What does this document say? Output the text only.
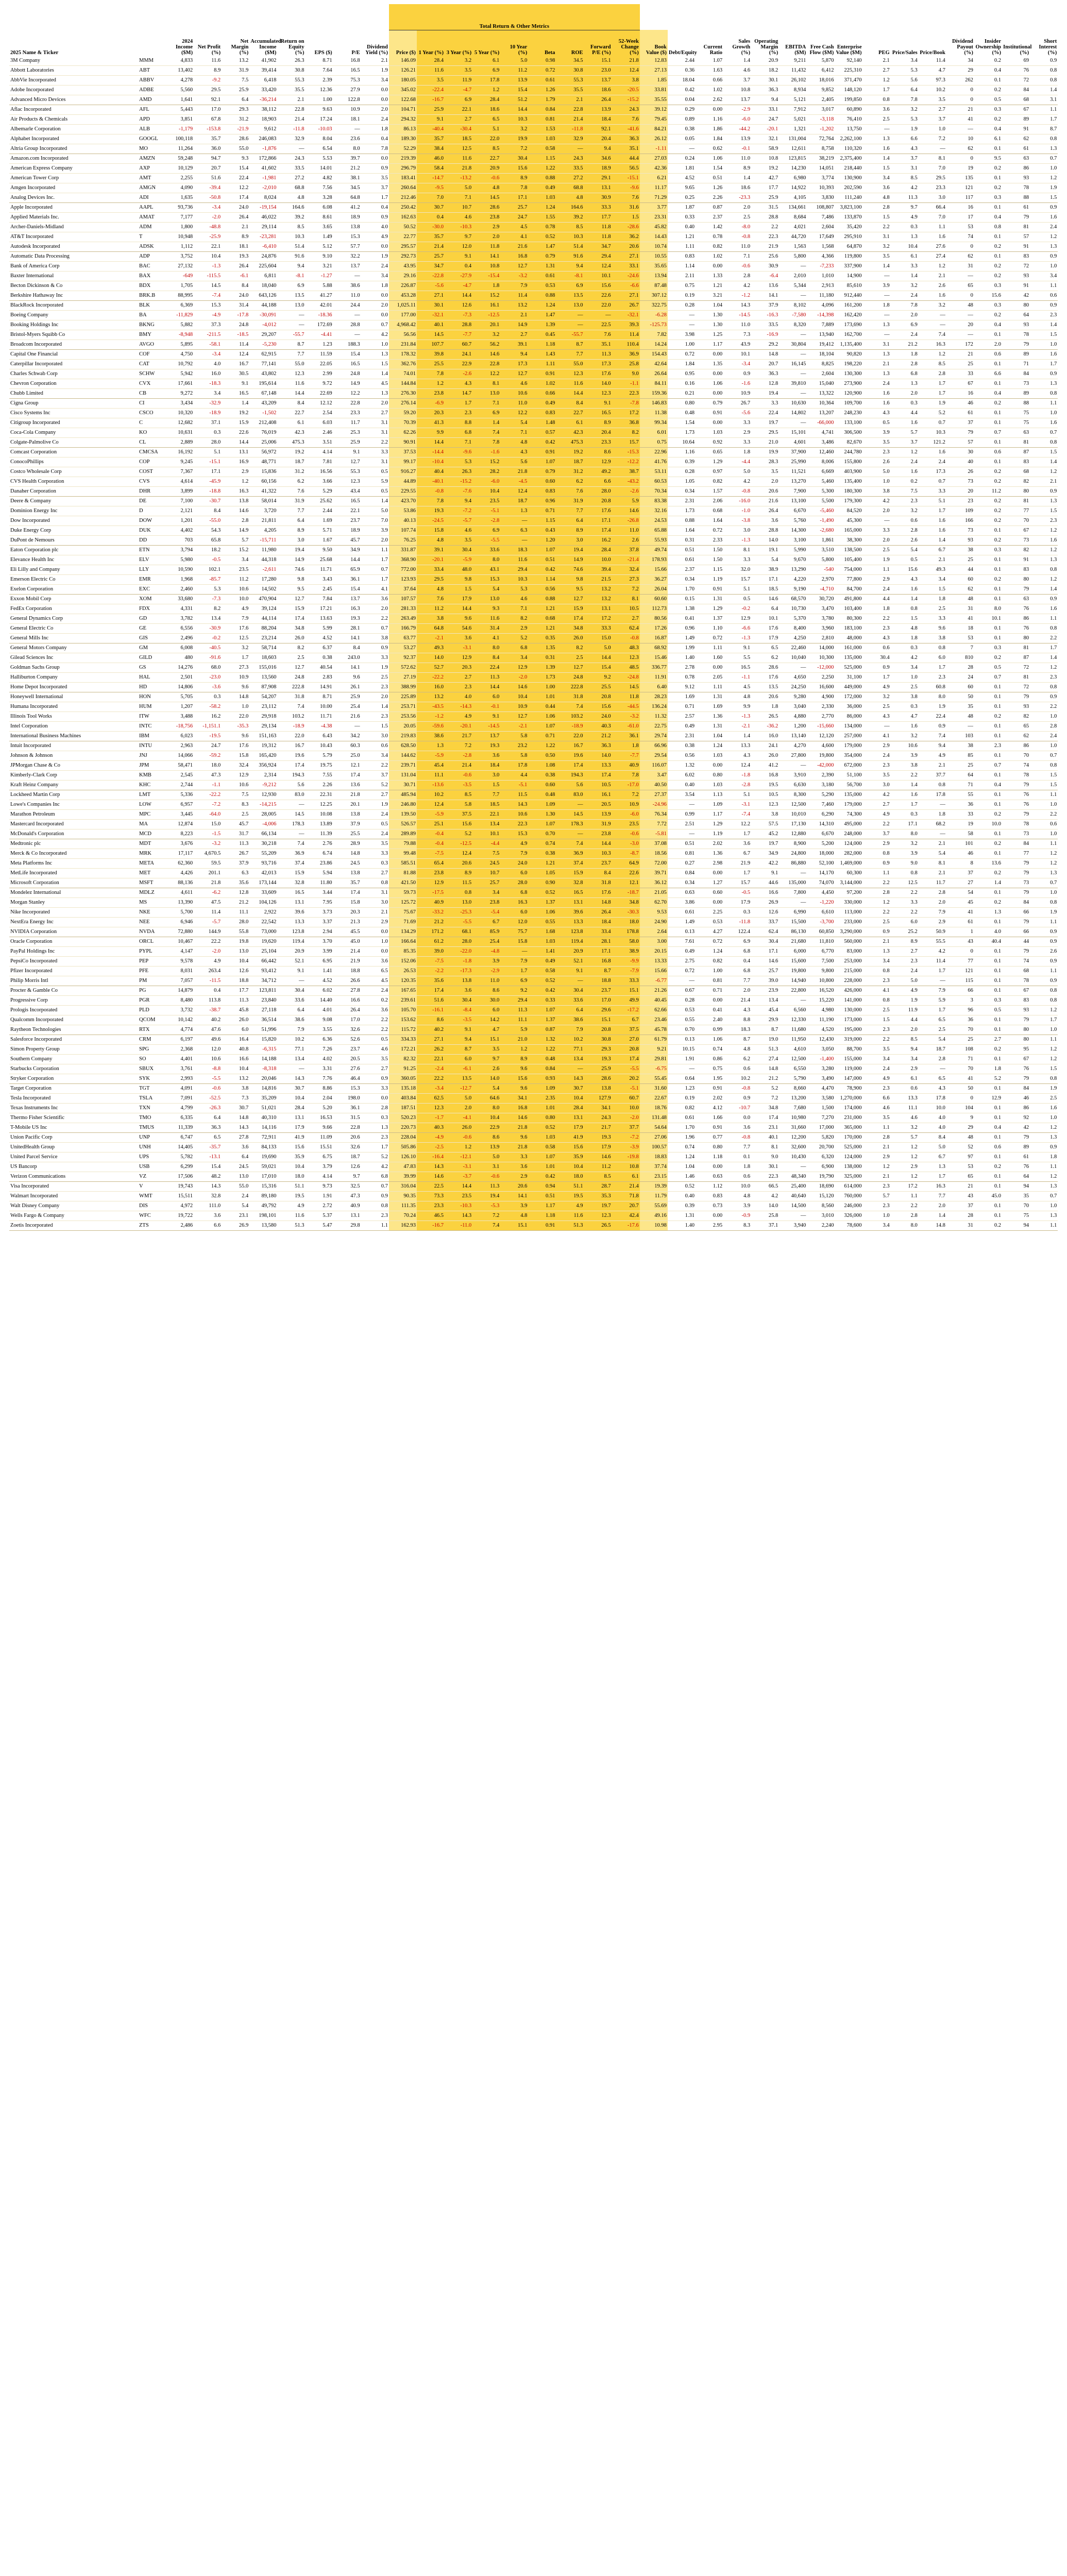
										Total Return & Other Metrics																							
2025 Name & Ticker		2024 Income ($M)	Net Profit (%)	Net Margin (%)	Accumulated Income ($M)	Return on Equity (%)	EPS ($)	P/E	Dividend Yield (%)	Price ($)	1 Year (%)	3 Year (%)	5 Year (%)	10 Year (%)	Beta	ROE	Forward P/E (%)	52-Week Change (%)	Book Value ($)	Debt/Equity	Current Ratio	Sales Growth (%)	Operating Margin (%)	EBITDA ($M)	Free Cash Flow ($M)	Enterprise Value ($M)	PEG	Price/Sales	Price/Book	Dividend Payout (%)	Insider Ownership (%)	Institutional (%)	Short Interest (%)
3M Company	MMM	4,833	11.6	13.2	41,902	26.3	8.71	16.8	2.1	146.09	28.4	3.2	6.1	5.0	0.98	34.5	15.1	21.8	12.83	2.44	1.07	1.4	20.9	9,211	5,870	92,140	2.1	3.4	11.4	34	0.2	69	0.9
Abbott Laboratories	ABT	13,402	8.9	31.9	39,414	30.8	7.64	16.5	1.9	126.21	11.6	3.5	6.9	11.2	0.72	30.8	23.0	12.4	27.13	0.36	1.63	4.6	18.2	11,432	6,412	225,310	2.7	5.3	4.7	29	0.4	76	0.8
AbbVie Incorporated	ABBV	4,278	-9.2	7.5	6,418	55.3	2.39	75.3	3.4	180.05	3.5	11.9	17.8	13.9	0.61	55.3	13.7	3.8	1.85	18.04	0.66	3.7	30.1	26,102	18,016	371,470	1.2	5.6	97.3	262	0.1	72	0.8
Adobe Incorporated	ADBE	5,560	29.5	25.9	33,420	35.5	12.36	27.9	0.0	345.02	-22.4	-4.7	1.2	15.4	1.26	35.5	18.6	-20.5	33.81	0.42	1.02	10.8	36.3	8,934	9,852	148,120	1.7	6.4	10.2	0	0.2	84	1.4
Advanced Micro Devices	AMD	1,641	92.1	6.4	-36,214	2.1	1.00	122.8	0.0	122.68	-16.7	6.9	28.4	51.2	1.79	2.1	26.4	-15.2	35.55	0.04	2.62	13.7	9.4	5,121	2,405	199,850	0.8	7.8	3.5	0	0.5	68	3.1
Aflac Incorporated	AFL	5,443	17.0	29.3	38,112	22.8	9.63	10.9	2.0	104.71	25.9	22.1	18.6	14.4	0.84	22.8	13.9	24.3	39.12	0.29	0.00	-2.9	33.1	7,912	3,017	60,890	3.6	3.2	2.7	21	0.3	67	1.1
Air Products & Chemicals	APD	3,851	67.8	31.2	18,903	21.4	17.24	18.1	2.4	294.32	9.1	2.7	6.5	10.3	0.81	21.4	18.4	7.6	79.45	0.89	1.16	-6.0	24.7	5,021	-3,118	76,410	2.5	5.3	3.7	41	0.2	89	1.7
Albemarle Corporation	ALB	-1,179	-153.8	-21.9	9,612	-11.8	-10.03	—	1.8	86.13	-40.4	-30.4	5.1	3.2	1.53	-11.8	92.1	-41.6	84.21	0.38	1.86	-44.2	-20.1	1,321	-1,202	13,750	—	1.9	1.0	—	0.4	91	8.7
Alphabet Incorporated	GOOGL	100,118	35.7	28.6	246,083	32.9	8.04	23.6	0.4	189.30	35.7	18.5	22.0	19.9	1.03	32.9	20.4	36.3	26.12	0.05	1.84	13.9	32.1	131,004	72,764	2,262,100	1.3	6.6	7.2	10	6.1	62	0.8
Altria Group Incorporated	MO	11,264	36.0	55.0	-1,876	—	6.54	8.0	7.8	52.29	38.4	12.5	8.5	7.2	0.58	—	9.4	35.1	-1.11	—	0.62	-0.1	58.9	12,611	8,758	110,320	1.6	4.3	—	62	0.1	61	1.3
Amazon.com Incorporated	AMZN	59,248	94.7	9.3	172,866	24.3	5.53	39.7	0.0	219.39	46.0	11.6	22.7	30.4	1.15	24.3	34.6	44.4	27.03	0.24	1.06	11.0	10.8	123,815	38,219	2,375,400	1.4	3.7	8.1	0	9.5	63	0.7
American Express Company	AXP	10,129	20.7	15.4	41,602	33.5	14.01	21.2	0.9	296.79	58.4	21.8	20.9	15.6	1.22	33.5	18.9	56.5	42.36	1.81	1.54	8.9	19.2	14,230	14,051	218,440	1.5	3.1	7.0	19	0.2	86	1.0
American Tower Corp	AMT	2,255	51.6	22.4	-1,981	27.2	4.82	38.1	3.5	183.41	-14.7	-13.2	-0.6	8.9	0.88	27.2	29.1	-15.1	6.21	4.52	0.51	1.4	42.7	6,980	3,774	130,900	3.4	8.5	29.5	135	0.1	93	1.2
Amgen Incorporated	AMGN	4,090	-39.4	12.2	-2,010	68.8	7.56	34.5	3.7	260.64	-9.5	5.0	4.8	7.8	0.49	68.8	13.1	-9.6	11.17	9.65	1.26	18.6	17.7	14,922	10,393	202,590	3.6	4.2	23.3	121	0.2	78	1.9
Analog Devices Inc.	ADI	1,635	-50.8	17.4	8,024	4.8	3.28	64.8	1.7	212.46	7.0	7.1	14.5	17.1	1.03	4.8	30.9	7.6	71.29	0.25	2.26	-23.3	25.9	4,105	3,830	111,240	4.8	11.3	3.0	117	0.3	88	1.5
Apple Incorporated	AAPL	93,736	-3.4	24.0	-19,154	164.6	6.08	41.2	0.4	250.42	30.7	10.7	28.6	25.7	1.24	164.6	33.3	31.6	3.77	1.87	0.87	2.0	31.5	134,661	108,807	3,823,100	2.8	9.7	66.4	16	0.1	61	0.9
Applied Materials Inc.	AMAT	7,177	-2.0	26.4	46,022	39.2	8.61	18.9	0.9	162.63	0.4	4.6	23.8	24.7	1.55	39.2	17.7	1.5	23.31	0.33	2.37	2.5	28.8	8,684	7,486	133,870	1.5	4.9	7.0	17	0.4	79	1.6
Archer-Daniels-Midland	ADM	1,800	-48.8	2.1	29,114	8.5	3.65	13.8	4.0	50.52	-30.0	-10.3	2.9	4.5	0.78	8.5	11.8	-28.6	45.82	0.40	1.42	-8.0	2.2	4,021	2,604	35,420	2.2	0.3	1.1	53	0.8	81	2.4
AT&T Incorporated	T	10,948	-25.9	8.9	-23,281	10.3	1.49	15.3	4.9	22.77	35.7	9.7	2.0	4.1	0.52	10.3	11.8	36.2	14.43	1.21	0.78	-0.8	22.3	44,720	17,649	295,910	3.1	1.3	1.6	74	0.1	57	1.2
Autodesk Incorporated	ADSK	1,112	22.1	18.1	-6,410	51.4	5.12	57.7	0.0	295.57	21.4	12.0	11.8	21.6	1.47	51.4	34.7	20.6	10.74	1.11	0.82	11.0	21.9	1,563	1,568	64,870	3.2	10.4	27.6	0	0.2	91	1.3
Automatic Data Processing	ADP	3,752	10.4	19.3	24,876	91.6	9.10	32.2	1.9	292.73	25.7	9.1	14.1	16.8	0.79	91.6	29.4	27.1	10.55	0.83	1.02	7.1	25.6	5,800	4,366	119,800	3.5	6.1	27.4	62	0.1	83	0.9
Bank of America Corp	BAC	27,132	-1.3	26.4	225,604	9.4	3.21	13.7	2.4	43.95	34.7	0.4	10.8	12.7	1.31	9.4	12.4	33.1	35.65	1.14	0.00	-0.6	30.9	—	-7,233	337,900	1.4	3.3	1.2	31	0.2	72	1.0
Baxter International	BAX	-649	-115.5	-6.1	6,811	-8.1	-1.27	—	3.4	29.16	-22.8	-27.9	-15.4	-3.2	0.61	-8.1	10.1	-24.6	13.94	2.11	1.33	2.8	-6.4	2,010	1,010	14,900	—	1.4	2.1	—	0.2	93	3.4
Becton Dickinson & Co	BDX	1,705	14.5	8.4	18,040	6.9	5.88	38.6	1.8	226.87	-5.6	-4.7	1.8	7.9	0.53	6.9	15.6	-6.6	87.48	0.75	1.21	4.2	13.6	5,344	2,913	85,610	3.9	3.2	2.6	65	0.3	91	1.1
Berkshire Hathaway Inc	BRK.B	88,995	-7.4	24.0	643,126	13.5	41.27	11.0	0.0	453.28	27.1	14.4	15.2	11.4	0.88	13.5	22.6	27.1	307.12	0.19	3.21	-1.2	14.1	—	11,180	912,440	—	2.4	1.6	0	15.6	42	0.6
BlackRock Incorporated	BLK	6,369	15.3	31.4	44,188	13.0	42.01	24.4	2.0	1,025.11	30.1	12.6	16.1	13.2	1.24	13.0	22.0	26.7	322.75	0.28	1.04	14.3	37.9	8,102	4,096	161,200	1.8	7.8	3.2	48	0.3	80	0.9
Boeing Company	BA	-11,829	-4.9	-17.8	-30,091	—	-18.36	—	0.0	177.00	-32.1	-7.3	-12.5	2.1	1.47	—	—	-32.1	-6.28	—	1.30	-14.5	-16.3	-7,580	-14,398	162,420	—	2.0	—	—	0.2	64	2.3
Booking Holdings Inc	BKNG	5,882	37.3	24.8	-4,012	—	172.69	28.8	0.7	4,968.42	40.1	28.8	20.1	14.9	1.39	—	22.5	39.3	-125.73	—	1.30	11.0	33.5	8,320	7,889	173,690	1.3	6.9	—	20	0.4	93	1.4
Bristol-Myers Squibb Co	BMY	-8,948	-211.5	-18.5	29,207	-55.7	-4.41	—	4.2	56.56	14.5	-7.7	3.2	2.7	0.45	-55.7	7.6	11.4	7.82	3.98	1.25	7.3	-16.9	—	13,940	162,700	—	2.4	7.4	—	0.1	78	1.5
Broadcom Incorporated	AVGO	5,895	-58.1	11.4	-5,230	8.7	1.23	188.3	1.0	231.84	107.7	60.7	56.2	39.1	1.18	8.7	35.1	110.4	14.24	1.00	1.17	43.9	29.2	30,804	19,412	1,135,400	3.1	21.2	16.3	172	2.0	79	1.0
Capital One Financial	COF	4,750	-3.4	12.4	62,915	7.7	11.59	15.4	1.3	178.32	39.8	24.1	14.6	9.4	1.43	7.7	11.3	36.9	154.43	0.72	0.00	10.1	14.8	—	18,104	90,820	1.3	1.8	1.2	21	0.6	89	1.6
Caterpillar Incorporated	CAT	10,792	4.0	16.7	77,141	55.0	22.05	16.5	1.5	362.76	25.5	22.9	22.8	17.3	1.11	55.0	17.3	25.8	42.64	1.84	1.35	-3.4	20.7	16,145	8,825	198,220	2.1	2.8	8.5	25	0.1	71	1.7
Charles Schwab Corp	SCHW	5,942	16.0	30.5	43,802	12.3	2.99	24.8	1.4	74.01	7.8	-2.6	12.2	12.7	0.91	12.3	17.6	9.0	26.64	0.95	0.00	0.9	36.3	—	2,604	130,300	1.3	6.8	2.8	33	6.6	84	0.9
Chevron Corporation	CVX	17,661	-18.3	9.1	195,614	11.6	9.72	14.9	4.5	144.84	1.2	4.3	8.1	4.6	1.02	11.6	14.0	-1.1	84.11	0.16	1.06	-1.6	12.8	39,810	15,040	273,900	2.4	1.3	1.7	67	0.1	73	1.3
Chubb Limited	CB	9,272	3.4	16.5	67,148	14.4	22.69	12.2	1.3	276.30	23.8	14.7	13.0	10.6	0.66	14.4	12.3	22.3	159.36	0.21	0.00	10.9	19.4	—	13,322	120,900	1.6	2.0	1.7	16	0.4	89	0.8
Cigna Group	CI	3,434	-32.9	1.4	43,209	8.4	12.12	22.8	2.0	276.14	-6.9	1.7	7.1	11.0	0.49	8.4	9.1	-7.8	146.83	0.80	0.79	26.7	3.3	10,630	10,364	109,700	1.6	0.3	1.9	46	0.2	88	1.1
Cisco Systems Inc	CSCO	10,320	-18.9	19.2	-1,502	22.7	2.54	23.3	2.7	59.20	20.3	2.3	6.9	12.2	0.83	22.7	16.5	17.2	11.38	0.48	0.91	-5.6	22.4	14,802	13,207	248,230	4.3	4.4	5.2	61	0.1	75	1.0
Citigroup Incorporated	C	12,682	37.1	15.9	212,408	6.1	6.03	11.7	3.1	70.39	41.3	8.8	1.4	5.4	1.48	6.1	8.9	36.8	99.34	1.54	0.00	3.3	19.7	—	-66,000	133,100	0.5	1.6	0.7	37	0.1	75	1.6
Coca-Cola Company	KO	10,631	0.3	22.6	76,019	42.3	2.46	25.3	3.1	62.26	9.9	6.8	7.4	7.1	0.57	42.3	20.4	8.2	6.01	1.73	1.03	2.9	29.5	15,101	4,741	306,500	3.9	5.7	10.3	79	0.7	63	0.7
Colgate-Palmolive Co	CL	2,889	28.0	14.4	25,006	475.3	3.51	25.9	2.2	90.91	14.4	7.1	7.8	4.8	0.42	475.3	23.3	15.7	0.75	10.64	0.92	3.3	21.0	4,601	3,486	82,670	3.5	3.7	121.2	57	0.1	81	0.8
Comcast Corporation	CMCSA	16,192	5.1	13.1	56,972	19.2	4.14	9.1	3.3	37.53	-14.4	-9.6	-1.6	4.3	0.91	19.2	8.6	-15.3	22.96	1.16	0.65	1.8	19.9	37,900	12,460	244,780	2.3	1.2	1.6	30	0.6	87	1.5
ConocoPhillips	COP	9,245	-15.1	16.9	48,771	18.7	7.81	12.7	3.1	99.17	-10.4	5.3	15.2	5.6	1.07	18.7	12.9	-12.2	41.76	0.39	1.29	-4.4	28.3	25,990	8,006	155,800	2.6	2.4	2.4	40	0.1	83	1.4
Costco Wholesale Corp	COST	7,367	17.1	2.9	15,836	31.2	16.56	55.3	0.5	916.27	40.4	26.3	28.2	21.8	0.79	31.2	49.2	38.7	53.11	0.28	0.97	5.0	3.5	11,521	6,669	403,900	5.0	1.6	17.3	26	0.2	68	1.2
CVS Health Corporation	CVS	4,614	-45.9	1.2	60,156	6.2	3.66	12.3	5.9	44.89	-40.1	-15.2	-6.0	-4.5	0.60	6.2	6.6	-43.2	60.53	1.05	0.82	4.2	2.0	13,270	5,460	135,400	1.0	0.2	0.7	73	0.2	82	2.1
Danaher Corporation	DHR	3,899	-18.8	16.3	41,322	7.6	5.29	43.4	0.5	229.55	-0.8	-7.6	10.4	12.4	0.83	7.6	28.0	-2.6	70.34	0.34	1.57	-0.8	20.6	7,900	5,300	180,300	3.8	7.5	3.3	20	11.2	80	0.9
Deere & Company	DE	7,100	-30.7	13.8	58,014	31.9	25.62	16.5	1.4	423.70	7.8	9.4	23.5	18.7	0.96	31.9	20.8	5.9	83.38	2.31	2.06	-16.0	21.6	13,100	5,500	179,300	4.2	2.3	5.1	23	0.2	81	1.3
Dominion Energy Inc	D	2,121	8.4	14.6	3,720	7.7	2.44	22.1	5.0	53.86	19.3	-7.2	-5.1	1.3	0.71	7.7	17.6	14.6	32.16	1.73	0.68	-1.0	26.4	6,670	-5,460	84,520	2.0	3.2	1.7	109	0.2	77	1.5
Dow Incorporated	DOW	1,201	-55.0	2.8	21,811	6.4	1.69	23.7	7.0	40.13	-24.5	-5.7	-2.8	—	1.15	6.4	17.1	-26.8	24.53	0.88	1.64	-3.8	3.6	5,760	-1,490	45,300	—	0.6	1.6	166	0.2	70	2.3
Duke Energy Corp	DUK	4,402	54.3	14.9	4,205	8.9	5.71	18.9	3.9	107.74	15.8	4.6	6.9	6.3	0.43	8.9	17.4	11.0	65.88	1.64	0.72	3.0	28.8	14,300	-2,680	165,000	3.3	2.8	1.6	73	0.1	67	1.2
DuPont de Nemours	DD	703	65.8	5.7	-15,711	3.0	1.67	45.7	2.0	76.25	4.8	3.5	-5.5	—	1.20	3.0	16.2	2.6	55.93	0.31	2.33	-1.3	14.0	3,100	1,861	38,300	2.0	2.6	1.4	93	0.2	73	1.6
Eaton Corporation plc	ETN	3,794	18.2	15.2	11,980	19.4	9.50	34.9	1.1	331.87	39.1	30.4	33.6	18.3	1.07	19.4	28.4	37.8	49.74	0.51	1.50	8.1	19.1	5,990	3,510	138,500	2.5	5.4	6.7	38	0.3	82	1.2
Elevance Health Inc	ELV	5,980	-0.5	3.4	44,318	14.9	25.68	14.4	1.7	368.90	-20.1	-5.9	8.0	11.6	0.51	14.9	10.0	-21.4	178.93	0.61	1.50	3.3	5.4	9,670	5,800	105,400	1.9	0.5	2.1	25	0.1	91	1.3
Eli Lilly and Company	LLY	10,590	102.1	23.5	-2,611	74.6	11.71	65.9	0.7	772.00	33.4	48.0	43.1	29.4	0.42	74.6	39.4	32.4	15.66	2.37	1.15	32.0	38.9	13,290	-540	754,000	1.1	15.6	49.3	44	0.1	83	0.8
Emerson Electric Co	EMR	1,968	-85.7	11.2	17,280	9.8	3.43	36.1	1.7	123.93	29.5	9.8	15.3	10.3	1.14	9.8	21.5	27.3	36.27	0.34	1.19	15.7	17.1	4,220	2,970	77,800	2.9	4.3	3.4	60	0.2	80	1.2
Exelon Corporation	EXC	2,460	5.3	10.6	14,502	9.5	2.45	15.4	4.1	37.64	4.8	1.5	5.4	5.3	0.56	9.5	13.2	7.2	26.04	1.70	0.91	5.1	18.5	9,190	-4,710	84,700	2.4	1.6	1.5	62	0.1	79	1.4
Exxon Mobil Corp	XOM	33,680	-7.3	10.0	470,904	12.7	7.84	13.7	3.6	107.57	7.6	17.9	13.0	4.6	0.88	12.7	13.2	8.1	60.60	0.15	1.31	0.5	14.6	68,570	30,720	491,800	4.4	1.4	1.8	48	0.1	63	0.9
FedEx Corporation	FDX	4,331	8.2	4.9	39,124	15.9	17.21	16.3	2.0	281.33	11.2	14.4	9.3	7.1	1.21	15.9	13.1	10.5	112.73	1.38	1.29	-0.2	6.4	10,730	3,470	103,400	1.8	0.8	2.5	31	8.0	76	1.6
General Dynamics Corp	GD	3,782	13.4	7.9	44,114	17.4	13.63	19.3	2.2	263.49	3.8	9.6	11.6	8.2	0.68	17.4	17.2	2.7	80.56	0.41	1.37	12.9	10.1	5,370	3,780	80,300	2.2	1.5	3.3	41	10.1	86	1.1
General Electric Co	GE	6,556	-30.9	17.6	88,204	34.8	5.99	28.1	0.7	166.79	64.8	54.6	31.4	2.9	1.21	34.8	33.3	62.4	17.26	0.96	1.10	-6.6	17.6	8,400	3,960	183,100	2.3	4.8	9.6	18	0.1	76	0.8
General Mills Inc	GIS	2,496	-0.2	12.5	23,214	26.0	4.52	14.1	3.8	63.77	-2.1	3.6	4.1	5.2	0.35	26.0	15.0	-0.8	16.87	1.49	0.72	-1.3	17.9	4,250	2,810	48,000	4.3	1.8	3.8	53	0.1	80	2.2
General Motors Company	GM	6,008	-40.5	3.2	58,714	8.2	6.37	8.4	0.9	53.27	49.3	-3.1	8.0	6.8	1.35	8.2	5.0	48.3	68.92	1.99	1.11	9.1	6.5	22,460	14,000	161,000	0.6	0.3	0.8	7	0.3	81	1.7
Gilead Sciences Inc	GILD	480	-91.6	1.7	18,603	2.5	0.38	243.0	3.3	92.37	14.0	12.9	8.4	3.4	0.31	2.5	14.4	12.3	15.46	1.40	1.60	5.5	6.2	10,040	10,300	135,000	30.4	4.2	6.0	810	0.2	87	1.4
Goldman Sachs Group	GS	14,276	68.0	27.3	155,016	12.7	40.54	14.1	1.9	572.62	52.7	20.3	22.4	12.9	1.39	12.7	15.4	48.5	336.77	2.78	0.00	16.5	28.6	—	-12,000	525,000	0.9	3.4	1.7	28	0.5	72	1.2
Halliburton Company	HAL	2,501	-23.0	10.9	13,560	24.8	2.83	9.6	2.5	27.19	-22.2	2.7	11.3	-2.0	1.73	24.8	9.2	-24.8	11.91	0.78	2.05	-1.1	17.6	4,650	2,250	31,100	1.7	1.0	2.3	24	0.7	81	2.3
Home Depot Incorporated	HD	14,806	-3.6	9.6	87,908	222.8	14.91	26.1	2.3	388.99	16.0	2.3	14.4	14.6	1.00	222.8	25.5	14.5	6.40	9.12	1.11	4.5	13.5	24,250	16,600	449,000	4.9	2.5	60.8	60	0.1	72	0.8
Honeywell International	HON	5,705	0.3	14.8	54,207	31.8	8.71	25.9	2.0	225.89	13.2	4.0	6.0	10.4	1.01	31.8	20.8	11.8	28.23	1.69	1.31	4.8	20.6	9,280	4,900	172,000	3.2	3.8	8.0	50	0.1	79	0.9
Humana Incorporated	HUM	1,207	-58.2	1.0	23,112	7.4	10.00	25.4	1.4	253.71	-43.5	-14.3	-0.1	10.9	0.44	7.4	15.6	-44.5	136.24	0.71	1.69	9.9	1.8	3,040	2,330	36,000	2.5	0.3	1.9	35	0.1	93	2.2
Illinois Tool Works	ITW	3,488	16.2	22.0	29,918	103.2	11.71	21.6	2.3	253.56	-1.2	4.9	9.1	12.7	1.06	103.2	24.0	-3.2	11.32	2.57	1.36	-1.3	26.5	4,880	2,770	86,000	4.3	4.7	22.4	48	0.2	82	1.0
Intel Corporation	INTC	-18,756	-1,151.1	-35.3	29,134	-18.9	-4.38	—	1.5	20.05	-59.6	-20.1	-14.5	-2.1	1.07	-18.9	40.3	-61.0	22.75	0.49	1.31	-2.1	-36.2	1,200	-15,660	134,000	—	1.6	0.9	—	0.1	65	2.8
International Business Machines	IBM	6,023	-19.5	9.6	151,163	22.0	6.43	34.2	3.0	219.83	38.6	21.7	13.7	5.8	0.71	22.0	21.2	36.1	29.74	2.31	1.04	1.4	16.0	13,140	12,120	257,000	4.1	3.2	7.4	103	0.1	62	2.4
Intuit Incorporated	INTU	2,963	24.7	17.6	19,312	16.7	10.43	60.3	0.6	628.50	1.3	7.2	19.3	23.2	1.22	16.7	36.3	1.8	66.96	0.38	1.24	13.3	24.1	4,270	4,600	179,000	2.9	10.6	9.4	38	2.3	86	1.0
Johnson & Johnson	JNJ	14,066	-59.2	15.8	165,420	19.6	5.79	25.0	3.4	144.62	-5.9	-2.8	3.6	5.8	0.50	19.6	14.0	-7.7	29.54	0.56	1.03	4.3	26.0	27,800	19,800	354,000	2.4	3.9	4.9	85	0.1	70	0.7
JPMorgan Chase & Co	JPM	58,471	18.0	32.4	356,924	17.4	19.75	12.1	2.2	239.71	45.4	21.4	18.4	17.8	1.08	17.4	13.3	40.9	116.07	1.32	0.00	12.4	41.2	—	-42,000	672,000	2.3	3.8	2.1	25	0.7	74	0.8
Kimberly-Clark Corp	KMB	2,545	47.3	12.9	2,314	194.3	7.55	17.4	3.7	131.04	11.1	-0.6	3.0	4.4	0.38	194.3	17.4	7.8	3.47	6.02	0.80	-1.8	16.8	3,910	2,390	51,100	3.5	2.2	37.7	64	0.1	78	1.5
Kraft Heinz Company	KHC	2,744	-1.1	10.6	-9,212	5.6	2.26	13.6	5.2	30.71	-13.6	-3.5	1.5	-5.1	0.60	5.6	10.5	-17.0	40.50	0.40	1.03	-2.8	19.5	6,630	3,180	56,700	3.0	1.4	0.8	71	0.4	79	1.5
Lockheed Martin Corp	LMT	5,336	-22.2	7.5	12,930	83.0	22.31	21.8	2.7	485.94	10.2	8.5	7.7	11.5	0.48	83.0	16.1	7.2	27.37	3.54	1.13	5.1	10.5	8,300	5,290	135,000	4.2	1.6	17.8	55	0.1	76	1.1
Lowe's Companies Inc	LOW	6,957	-7.2	8.3	-14,215	—	12.25	20.1	1.9	246.80	12.4	5.8	18.5	14.3	1.09	—	20.5	10.9	-24.96	—	1.09	-3.1	12.3	12,500	7,460	179,000	2.7	1.7	—	36	0.1	76	1.0
Marathon Petroleum	MPC	3,445	-64.0	2.5	28,005	14.5	10.08	13.8	2.4	139.50	-5.9	37.5	22.1	10.6	1.30	14.5	13.9	-6.0	76.34	0.99	1.17	-7.4	3.8	10,010	6,290	74,300	4.9	0.3	1.8	33	0.2	79	2.2
Mastercard Incorporated	MA	12,874	15.0	45.7	-4,006	178.3	13.89	37.9	0.5	526.57	25.1	15.6	13.4	22.3	1.07	178.3	31.9	23.5	7.72	2.51	1.29	12.2	57.5	17,130	14,310	495,000	2.2	17.1	68.2	19	10.0	78	0.6
McDonald's Corporation	MCD	8,223	-1.5	31.7	66,134	—	11.39	25.5	2.4	289.89	-0.4	5.2	10.1	15.3	0.70	—	23.8	-0.6	-5.81	—	1.19	1.7	45.2	12,880	6,670	248,000	3.7	8.0	—	58	0.1	73	1.0
Medtronic plc	MDT	3,676	-3.2	11.3	30,218	7.4	2.76	28.9	3.5	79.88	-0.4	-12.5	-4.4	4.9	0.74	7.4	14.4	-3.0	37.08	0.51	2.02	3.6	19.7	8,900	5,200	124,000	2.9	3.2	2.1	101	0.2	84	1.1
Merck & Co Incorporated	MRK	17,117	4,670.5	26.7	55,209	36.9	6.74	14.8	3.3	99.48	-7.5	12.4	7.5	7.9	0.38	36.9	10.3	-8.7	18.56	0.81	1.36	6.7	34.9	24,800	18,000	282,000	0.8	3.9	5.4	46	0.1	77	1.2
Meta Platforms Inc	META	62,360	59.5	37.9	93,716	37.4	23.86	24.5	0.3	585.51	65.4	20.6	24.5	24.0	1.21	37.4	23.7	64.9	72.00	0.27	2.98	21.9	42.2	86,880	52,100	1,469,000	0.9	9.0	8.1	8	13.6	79	1.2
MetLife Incorporated	MET	4,426	201.1	6.3	42,013	15.9	5.94	13.8	2.7	81.88	23.8	8.9	10.7	6.0	1.05	15.9	8.4	22.6	39.71	0.84	0.00	1.7	9.1	—	14,170	60,300	1.1	0.8	2.1	37	0.2	79	1.3
Microsoft Corporation	MSFT	88,136	21.8	35.6	173,144	32.8	11.80	35.7	0.8	421.50	12.9	11.5	25.7	28.0	0.90	32.8	31.8	12.1	36.12	0.34	1.27	15.7	44.6	135,000	74,070	3,144,000	2.2	12.5	11.7	27	1.4	73	0.7
Mondelez International	MDLZ	4,611	-6.2	12.8	33,609	16.5	3.44	17.4	3.1	59.73	-17.5	0.8	3.4	6.8	0.52	16.5	17.6	-18.7	21.05	0.63	0.60	-0.5	16.6	7,800	4,450	97,200	2.8	2.2	2.8	54	0.1	79	1.0
Morgan Stanley	MS	13,390	47.5	21.2	104,126	13.1	7.95	15.8	3.0	125.72	40.9	13.0	23.8	16.3	1.37	13.1	14.8	34.8	62.70	3.86	0.00	17.9	26.9	—	-1,220	330,000	1.2	3.3	2.0	45	0.2	84	0.8
Nike Incorporated	NKE	5,700	11.4	11.1	2,922	39.6	3.73	20.3	2.1	75.67	-33.2	-25.3	-5.4	6.0	1.06	39.6	26.4	-30.3	9.53	0.61	2.25	0.3	12.6	6,990	6,610	113,000	2.2	2.2	7.9	41	1.3	66	1.9
NextEra Energy Inc	NEE	6,946	-5.7	28.0	22,542	13.3	3.37	21.3	2.9	71.69	21.2	-5.5	6.7	12.0	0.55	13.3	18.4	18.0	24.90	1.49	0.53	-11.8	33.7	15,500	-3,700	233,000	2.5	6.0	2.9	61	0.1	79	1.1
NVIDIA Corporation	NVDA	72,880	144.9	55.8	73,000	123.8	2.94	45.5	0.0	134.29	171.2	68.1	85.9	75.7	1.68	123.8	33.4	178.8	2.64	0.13	4.27	122.4	62.4	86,130	60,850	3,290,000	0.9	25.2	50.9	1	4.0	66	0.9
Oracle Corporation	ORCL	10,467	22.2	19.8	19,620	119.4	3.70	45.0	1.0	166.64	61.2	28.0	25.4	15.8	1.03	119.4	28.1	58.0	3.00	7.61	0.72	6.9	30.4	21,680	11,810	560,000	2.1	8.9	55.5	43	40.4	44	0.9
PayPal Holdings Inc	PYPL	4,147	-2.0	13.0	25,104	20.9	3.99	21.4	0.0	85.35	39.0	-22.0	-4.8	—	1.41	20.9	17.1	38.9	20.15	0.49	1.24	6.8	17.1	6,000	6,770	83,000	1.3	2.7	4.2	0	0.1	79	2.6
PepsiCo Incorporated	PEP	9,578	4.9	10.4	66,442	52.1	6.95	21.9	3.6	152.06	-7.5	-1.8	3.9	7.9	0.49	52.1	16.8	-9.9	13.33	2.75	0.82	0.4	14.6	15,600	7,500	253,000	3.4	2.3	11.4	77	0.1	74	0.9
Pfizer Incorporated	PFE	8,031	263.4	12.6	93,412	9.1	1.41	18.8	6.5	26.53	-2.2	-17.3	-2.9	1.7	0.58	9.1	8.7	-7.9	15.66	0.72	1.00	6.8	25.7	19,800	9,800	215,000	0.8	2.4	1.7	121	0.1	68	1.1
Philip Morris Intl	PM	7,057	-11.5	18.8	34,712	—	4.52	26.6	4.5	120.35	35.6	13.8	11.0	6.9	0.52	—	18.8	33.3	-6.77	—	0.81	7.7	39.0	14,940	10,800	228,000	2.3	5.0	—	115	0.1	78	0.9
Procter & Gamble Co	PG	14,879	0.4	17.7	123,811	30.4	6.02	27.8	2.4	167.65	17.4	3.6	8.6	9.2	0.42	30.4	23.7	15.1	21.26	0.67	0.71	2.0	23.9	22,800	16,520	426,000	4.1	4.9	7.9	66	0.1	67	0.8
Progressive Corp	PGR	8,480	113.8	11.3	23,840	33.6	14.40	16.6	0.2	239.61	51.6	30.4	30.0	29.4	0.33	33.6	17.0	49.9	40.45	0.28	0.00	21.4	13.4	—	15,220	141,000	0.8	1.9	5.9	3	0.3	83	0.8
Prologis Incorporated	PLD	3,732	-38.7	45.8	27,118	6.4	4.01	26.4	3.6	105.70	-16.1	-8.4	6.0	11.3	1.07	6.4	29.6	-17.2	62.66	0.53	0.41	4.3	45.4	6,560	4,980	130,000	2.5	11.9	1.7	96	0.5	93	1.2
Qualcomm Incorporated	QCOM	10,142	40.2	26.0	36,514	38.6	9.08	17.0	2.2	153.62	8.6	-3.5	14.2	11.1	1.37	38.6	15.1	6.7	23.46	0.55	2.40	8.8	29.9	12,330	11,190	173,000	1.5	4.4	6.5	36	0.1	79	1.7
Raytheon Technologies	RTX	4,774	47.6	6.0	51,996	7.9	3.55	32.6	2.2	115.72	40.2	9.1	4.7	5.9	0.87	7.9	20.8	37.5	45.78	0.70	0.99	18.3	8.7	11,680	4,520	195,000	2.3	2.0	2.5	70	0.1	80	1.0
Salesforce Incorporated	CRM	6,197	49.6	16.4	15,820	10.2	6.36	52.6	0.5	334.33	27.1	9.4	15.1	21.0	1.32	10.2	30.8	27.0	61.79	0.13	1.06	8.7	19.0	11,950	12,430	319,000	2.2	8.5	5.4	25	2.7	80	1.1
Simon Property Group	SPG	2,368	12.0	40.8	-6,315	77.1	7.26	23.7	4.6	172.21	26.2	8.7	3.5	1.2	1.22	77.1	29.3	20.8	9.21	10.15	0.74	4.8	51.3	4,610	3,050	88,700	3.5	9.4	18.7	108	0.2	95	1.2
Southern Company	SO	4,401	10.6	16.6	14,188	13.4	4.02	20.5	3.5	82.32	22.1	6.0	9.7	8.9	0.48	13.4	19.3	17.4	29.81	1.91	0.86	6.2	27.4	12,500	-1,400	155,000	3.4	3.4	2.8	71	0.1	67	1.2
Starbucks Corporation	SBUX	3,761	-8.8	10.4	-8,318	—	3.31	27.6	2.7	91.25	-2.4	-6.1	2.6	9.6	0.84	—	25.9	-5.5	-6.75	—	0.75	0.6	14.8	6,550	3,280	119,000	2.4	2.9	—	70	1.8	76	1.5
Stryker Corporation	SYK	2,993	-5.5	13.2	20,046	14.3	7.76	46.4	0.9	360.05	22.2	13.5	14.0	15.6	0.93	14.3	28.6	20.2	55.45	0.64	1.95	10.2	21.2	5,790	3,490	147,000	4.9	6.1	6.5	41	5.2	79	0.8
Target Corporation	TGT	4,091	-0.6	3.8	14,816	30.7	8.86	15.3	3.3	135.18	-3.4	-12.7	5.4	9.6	1.09	30.7	13.8	-5.1	31.60	1.23	0.91	-0.8	5.2	8,660	4,470	78,900	2.3	0.6	4.3	50	0.1	84	1.9
Tesla Incorporated	TSLA	7,091	-52.5	7.3	35,209	10.4	2.04	198.0	0.0	403.84	62.5	5.0	64.6	34.1	2.35	10.4	127.9	60.7	22.67	0.19	2.02	0.9	7.2	13,200	3,580	1,270,000	6.6	13.3	17.8	0	12.9	46	2.5
Texas Instruments Inc	TXN	4,799	-26.3	30.7	51,021	28.4	5.20	36.1	2.8	187.51	12.3	2.0	8.0	16.8	1.01	28.4	34.1	10.0	18.76	0.82	4.12	-10.7	34.8	7,680	1,500	174,000	4.6	11.1	10.0	104	0.1	86	1.6
Thermo Fisher Scientific	TMO	6,335	6.4	14.8	40,310	13.1	16.53	31.5	0.3	520.23	-1.7	-4.1	10.4	14.6	0.80	13.1	24.3	-2.0	131.48	0.61	1.66	0.0	17.4	10,980	7,270	231,000	3.5	4.6	4.0	9	0.1	92	1.0
T-Mobile US Inc	TMUS	11,339	36.3	14.3	14,116	17.9	9.66	22.8	1.3	220.73	40.3	26.0	22.9	21.8	0.52	17.9	21.7	37.7	54.64	1.70	0.91	3.6	23.1	31,660	17,000	365,000	1.1	3.2	4.0	29	0.4	42	1.2
Union Pacific Corp	UNP	6,747	6.5	27.8	72,911	41.9	11.09	20.6	2.3	228.04	-4.9	-0.6	8.6	9.6	1.03	41.9	19.3	-7.2	27.06	1.96	0.77	-0.8	40.1	12,200	5,820	170,000	2.8	5.7	8.4	48	0.1	79	1.3
UnitedHealth Group	UNH	14,405	-35.7	3.6	84,133	15.6	15.51	32.6	1.7	505.86	-2.5	1.2	13.9	21.8	0.58	15.6	17.9	-3.9	100.57	0.74	0.80	7.7	8.1	32,600	20,700	525,000	2.1	1.2	5.0	52	0.6	89	0.9
United Parcel Service	UPS	5,782	-13.1	6.4	19,690	35.9	6.75	18.7	5.2	126.10	-16.4	-12.1	5.0	3.3	1.07	35.9	14.6	-19.8	18.83	1.24	1.18	0.1	9.0	10,430	6,320	124,000	2.9	1.2	6.7	97	0.1	61	1.8
US Bancorp	USB	6,299	15.4	24.5	59,021	10.4	3.79	12.6	4.2	47.83	14.3	-3.1	3.1	3.6	1.01	10.4	11.2	10.8	37.74	1.04	0.00	1.8	30.1	—	6,900	138,000	1.2	2.9	1.3	53	0.2	76	1.1
Verizon Communications	VZ	17,506	48.2	13.0	17,010	18.0	4.14	9.7	6.8	39.99	14.6	-3.7	-0.6	2.9	0.42	18.0	8.5	6.1	23.15	1.46	0.63	0.6	22.3	48,340	19,790	325,000	2.1	1.2	1.7	65	0.1	64	1.2
Visa Incorporated	V	19,743	14.3	55.0	15,316	51.1	9.73	32.5	0.7	316.04	22.5	14.4	11.3	20.6	0.94	51.1	28.7	21.4	19.39	0.52	1.12	10.0	66.5	25,400	18,690	614,000	2.3	17.2	16.3	21	0.1	94	1.3
Walmart Incorporated	WMT	15,511	32.8	2.4	89,180	19.5	1.91	47.3	0.9	90.35	73.3	23.5	19.4	14.1	0.51	19.5	35.3	71.8	11.79	0.40	0.83	4.8	4.2	40,640	15,120	760,000	5.7	1.1	7.7	43	45.0	35	0.7
Walt Disney Company	DIS	4,972	111.0	5.4	49,792	4.9	2.72	40.9	0.8	111.35	23.3	-10.3	-5.3	3.9	1.17	4.9	19.7	20.7	55.69	0.39	0.73	3.9	14.0	14,500	8,560	246,000	2.3	2.2	2.0	37	0.1	70	1.0
Wells Fargo & Company	WFC	19,722	3.6	23.1	198,101	11.6	5.37	13.1	2.3	70.24	46.5	14.3	7.2	4.8	1.18	11.6	12.3	42.4	49.16	1.31	0.00	-0.9	25.8	—	3,010	326,000	1.0	2.8	1.4	28	0.1	75	1.3
Zoetis Incorporated	ZTS	2,486	6.6	26.9	13,580	51.3	5.47	29.8	1.1	162.93	-16.7	-11.0	7.4	15.1	0.91	51.3	26.5	-17.6	10.98	1.40	2.95	8.3	37.1	3,940	2,240	78,600	3.4	8.0	14.8	31	0.2	94	1.1
